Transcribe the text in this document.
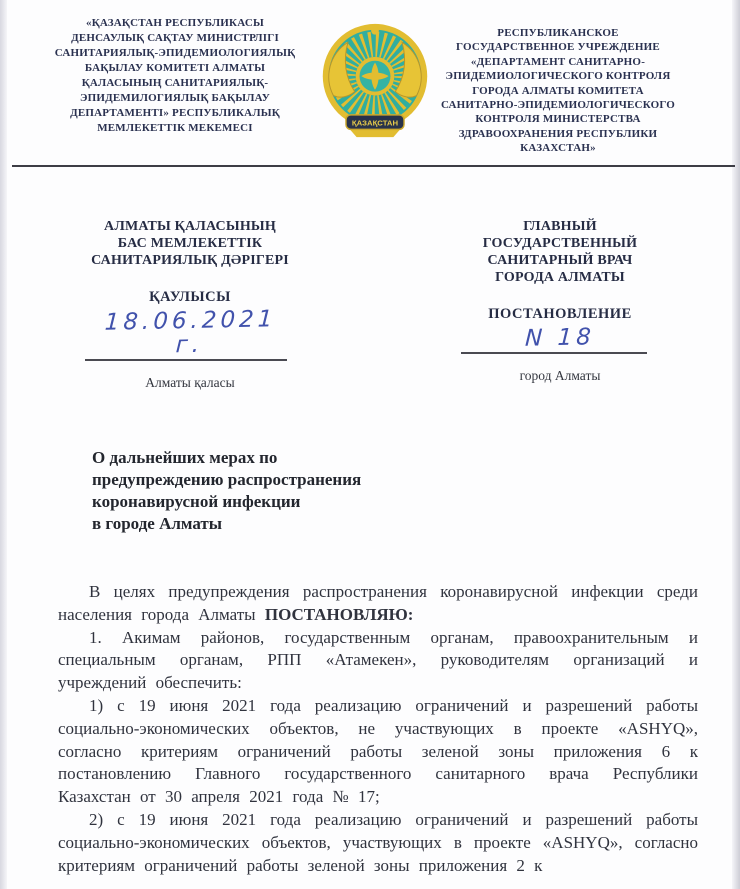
«ҚАЗАҚСТАН РЕСПУБЛИКАСЫ
ДЕНСАУЛЫҚ САҚТАУ МИНИСТРЛІГІ
САНИТАРИЯЛЫҚ-ЭПИДЕМИОЛОГИЯЛЫҚ
БАҚЫЛАУ КОМИТЕТІ АЛМАТЫ
ҚАЛАСЫНЫҢ САНИТАРИЯЛЫҚ-
ЭПИДЕМИЛОГИЯЛЫҚ БАҚЫЛАУ
ДЕПАРТАМЕНТІ» РЕСПУБЛИКАЛЫҚ
МЕМЛЕКЕТТІК МЕКЕМЕСІ	ҚАЗАҚСТАН
РЕСПУБЛИКАНСКОЕ
ГОСУДАРСТВЕННОЕ УЧРЕЖДЕНИЕ
«ДЕПАРТАМЕНТ САНИТАРНО-
ЭПИДЕМИОЛОГИЧЕСКОГО КОНТРОЛЯ
ГОРОДА АЛМАТЫ КОМИТЕТА
САНИТАРНО-ЭПИДЕМИОЛОГИЧЕСКОГО
КОНТРОЛЯ МИНИСТЕРСТВА
ЗДРАВООХРАНЕНИЯ РЕСПУБЛИКИ
КАЗАХСТАН»
АЛМАТЫ ҚАЛАСЫНЫҢ
БАС МЕМЛЕКЕТТІК
САНИТАРИЯЛЫҚ ДӘРІГЕРІ
ҚАУЛЫСЫ
18.06.2021 г.
Алматы қаласы
ГЛАВНЫЙ ГОСУДАРСТВЕННЫЙ
САНИТАРНЫЙ ВРАЧ
ГОРОДА АЛМАТЫ
ПОСТАНОВЛЕНИЕ
N 18
город Алматы
О дальнейших мерах по
предупреждению распространения
коронавирусной инфекции
в городе Алматы

В целях предупреждения распространения коронавирусной инфекции среди населения города Алматы ПОСТАНОВЛЯЮ:

1. Акимам районов, государственным органам, правоохранительным и специальным органам, РПП «Атамекен», руководителям организаций и учреждений обеспечить:

1) с 19 июня 2021 года реализацию ограничений и разрешений работы социально-экономических объектов, не участвующих в проекте «ASHYQ», согласно критериям ограничений работы зеленой зоны приложения 6 к постановлению Главного государственного санитарного врача Республики Казахстан от 30 апреля 2021 года № 17;

2) с 19 июня 2021 года реализацию ограничений и разрешений работы социально-экономических объектов, участвующих в проекте «ASHYQ», согласно критериям ограничений работы зеленой зоны приложения 2 к
